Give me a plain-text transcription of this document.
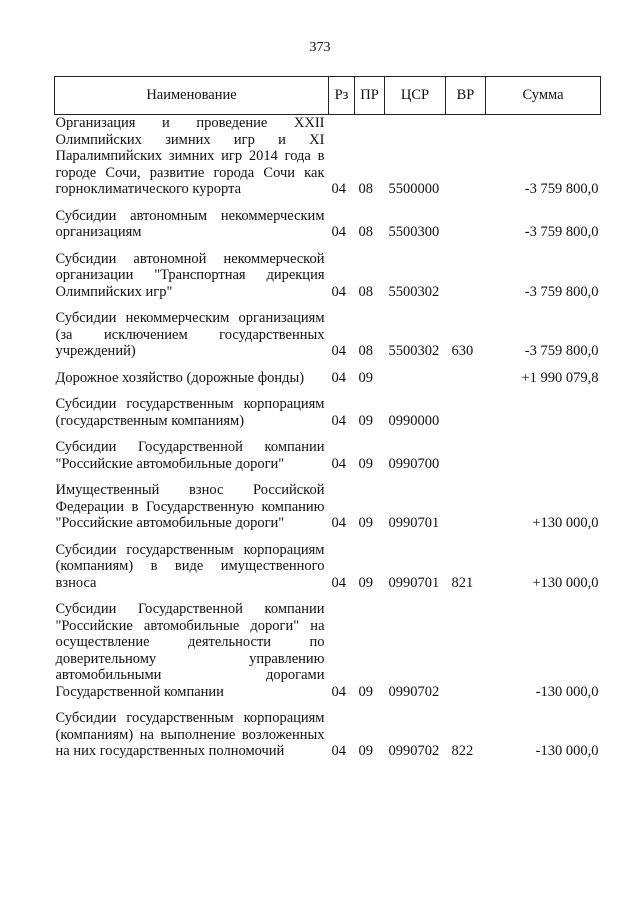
373
Наименование	Рз	ПР	ЦСР	ВР	Сумма
Организация и проведение XXII Олимпийских зимних игр и XI Паралимпийских зимних игр 2014 года в городе Сочи, развитие города Сочи как горноклиматического курорта	04	08	5500000		-3 759 800,0
Субсидии автономным некоммерческим организациям	04	08	5500300		-3 759 800,0
Субсидии автономной некоммерческой организации "Транспортная дирекция Олимпийских игр"	04	08	5500302		-3 759 800,0
Субсидии некоммерческим организациям (за исключением государственных учреждений)	04	08	5500302	630	-3 759 800,0
Дорожное хозяйство (дорожные фонды)	04	09			+1 990 079,8
Субсидии государственным корпорациям (государственным компаниям)	04	09	0990000		
Субсидии Государственной компании "Российские автомобильные дороги"	04	09	0990700		
Имущественный взнос Российской Федерации в Государственную компанию "Российские автомобильные дороги"	04	09	0990701		+130 000,0
Субсидии государственным корпорациям (компаниям) в виде имущественного взноса	04	09	0990701	821	+130 000,0
Субсидии Государственной компании "Российские автомобильные дороги" на осуществление деятельности по доверительному управлению автомобильными дорогами Государственной компании	04	09	0990702		-130 000,0
Субсидии государственным корпорациям (компаниям) на выполнение возложенных на них государственных полномочий	04	09	0990702	822	-130 000,0
